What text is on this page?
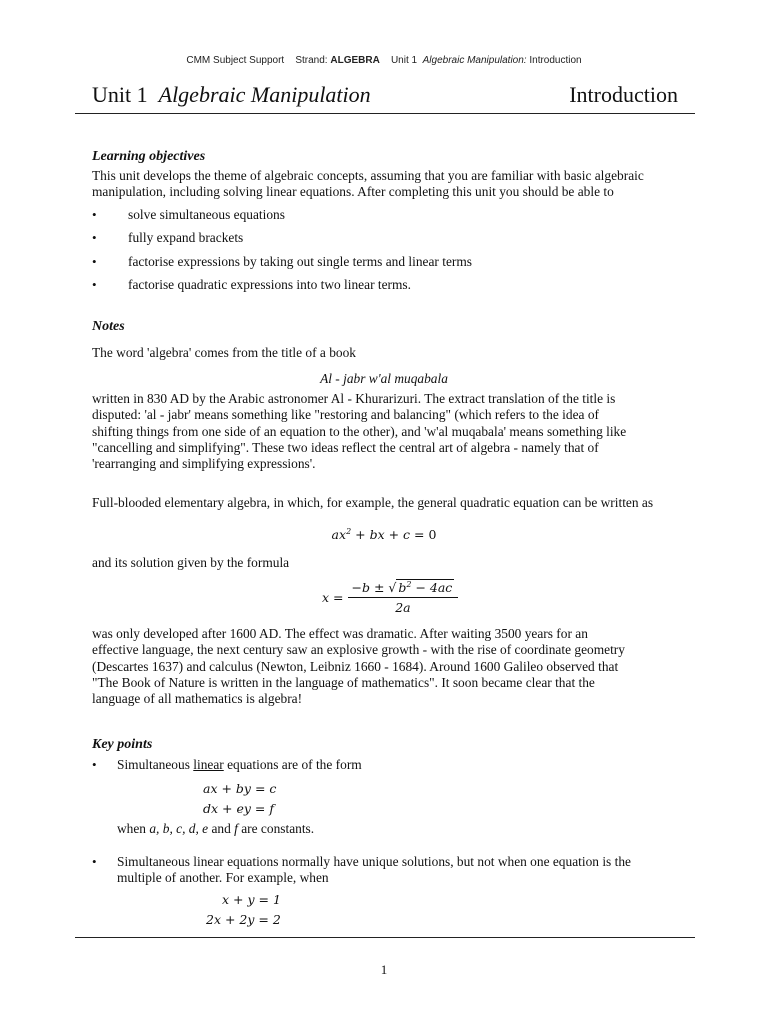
CMM Subject Support Strand: ALGEBRA Unit 1 Algebraic Manipulation: Introduction
Unit 1 Algebraic Manipulation	Introduction
Learning objectives
This unit develops the theme of algebraic concepts, assuming that you are familiar with basic algebraic
manipulation, including solving linear equations. After completing this unit you should be able to
• solve simultaneous equations
• fully expand brackets
• factorise expressions by taking out single terms and linear terms
• factorise quadratic expressions into two linear terms.
Notes
The word 'algebra' comes from the title of a book
Al - jabr w'al muqabala
written in 830 AD by the Arabic astronomer Al - Khurarizuri. The extract translation of the title is
disputed: 'al - jabr' means something like "restoring and balancing" (which refers to the idea of
shifting things from one side of an equation to the other), and 'w'al muqabala' means something like
"cancelling and simplifying". These two ideas reflect the central art of algebra - namely that of
'rearranging and simplifying expressions'.
Full-blooded elementary algebra, in which, for example, the general quadratic equation can be written as
$ax^2$ + bx + c = 0
and its solution given by the formula
$x = \frac{-b \pm √ b^2 - 4ac}{2a}$
was only developed after 1600 AD. The effect was dramatic. After waiting 3500 years for an
effective language, the next century saw an explosive growth - with the rise of coordinate geometry
(Descartes 1637) and calculus (Newton, Leibniz 1660 - 1684). Around 1600 Galileo observed that
"The Book of Nature is written in the language of mathematics". It soon became clear that the
language of all mathematics is algebra!
Key points
• Simultaneous linear equations are of the form
ax + by = c
dx + ey = f
when a, b, c, d, e and f are constants.
• Simultaneous linear equations normally have unique solutions, but not when one equation is the
multiple of another. For example, when
x + y = 1
2x + 2y = 2
1
